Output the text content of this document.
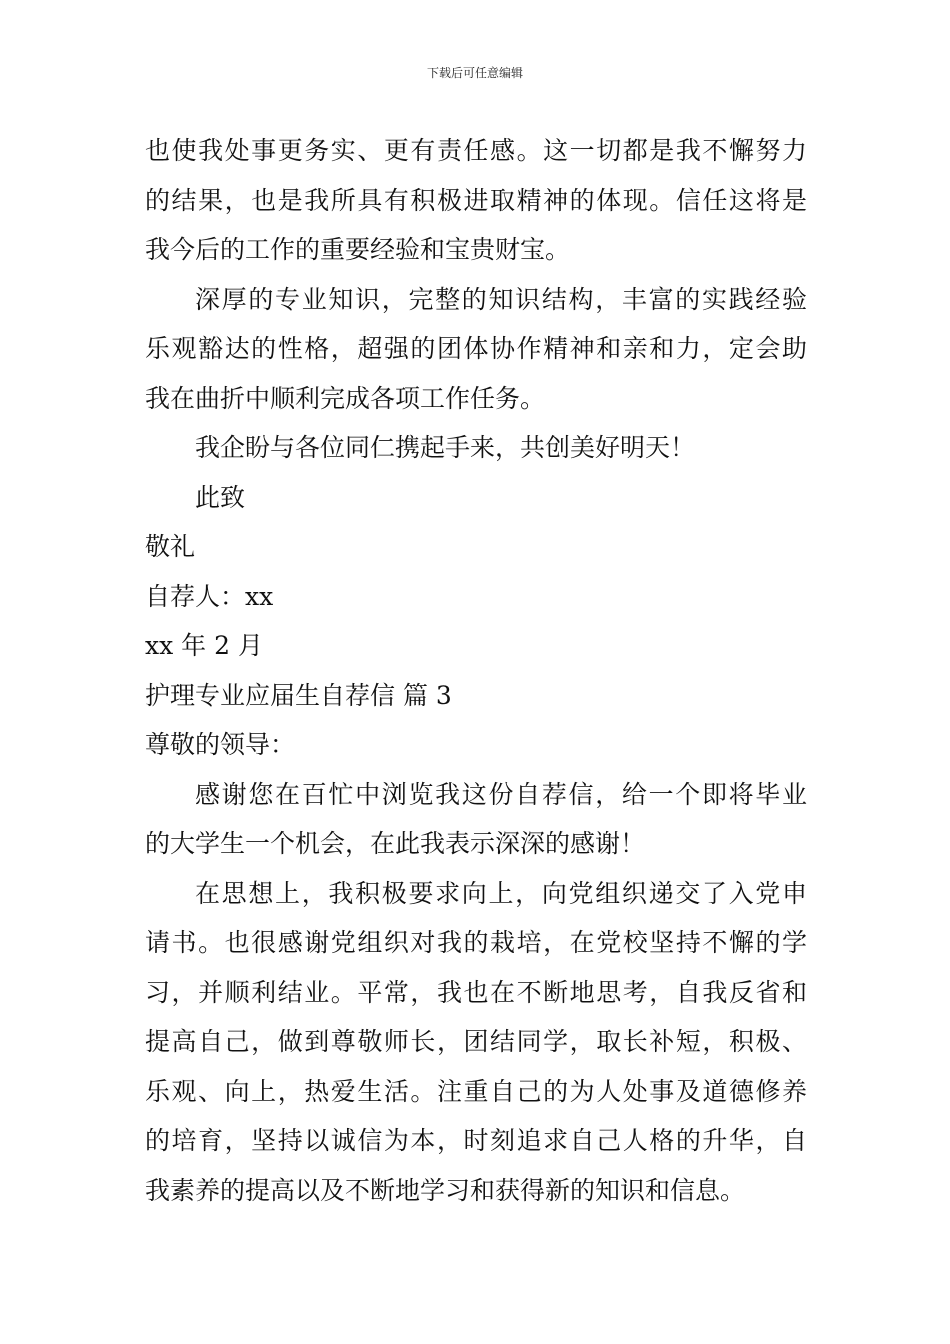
下载后可任意编辑
也使我处事更务实、更有责任感。这一切都是我不懈努力
的结果，也是我所具有积极进取精神的体现。信任这将是
我今后的工作的重要经验和宝贵财宝。
深厚的专业知识，完整的知识结构，丰富的实践经验
乐观豁达的性格，超强的团体协作精神和亲和力，定会助
我在曲折中顺利完成各项工作任务。
我企盼与各位同仁携起手来，共创美好明天！
此致
敬礼
自荐人：xx
xx 年 2 月
护理专业应届生自荐信 篇 3
尊敬的领导：
感谢您在百忙中浏览我这份自荐信，给一个即将毕业
的大学生一个机会，在此我表示深深的感谢！
在思想上，我积极要求向上，向党组织递交了入党申
请书。也很感谢党组织对我的栽培，在党校坚持不懈的学
习，并顺利结业。平常，我也在不断地思考，自我反省和
提高自己，做到尊敬师长，团结同学，取长补短，积极、
乐观、向上，热爱生活。注重自己的为人处事及道德修养
的培育，坚持以诚信为本，时刻追求自己人格的升华，自
我素养的提高以及不断地学习和获得新的知识和信息。
